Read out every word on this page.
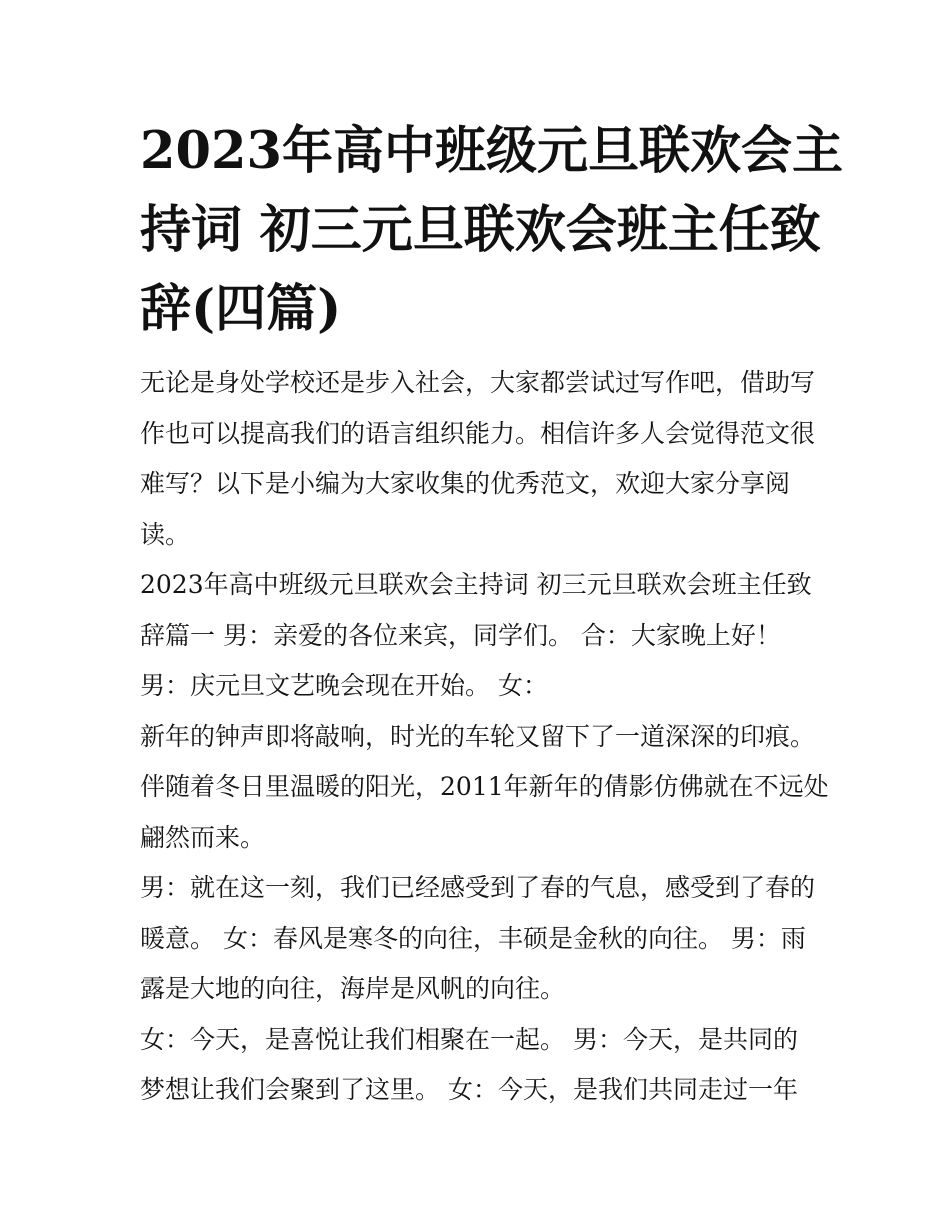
2023年高中班级元旦联欢会主
持词 初三元旦联欢会班主任致
辞(四篇)

无论是身处学校还是步入社会，大家都尝试过写作吧，借助写
作也可以提高我们的语言组织能力。相信许多人会觉得范文很
难写？以下是小编为大家收集的优秀范文，欢迎大家分享阅
读。

2023年高中班级元旦联欢会主持词 初三元旦联欢会班主任致
辞篇一 男：亲爱的各位来宾，同学们。 合：大家晚上好！

男：庆元旦文艺晚会现在开始。 女：

新年的钟声即将敲响，时光的车轮又留下了一道深深的印痕。
伴随着冬日里温暖的阳光，2011年新年的倩影仿佛就在不远处
翩然而来。

男：就在这一刻，我们已经感受到了春的气息，感受到了春的
暖意。 女：春风是寒冬的向往，丰硕是金秋的向往。 男：雨
露是大地的向往，海岸是风帆的向往。

女：今天，是喜悦让我们相聚在一起。 男：今天，是共同的
梦想让我们会聚到了这里。 女：今天，是我们共同走过一年
